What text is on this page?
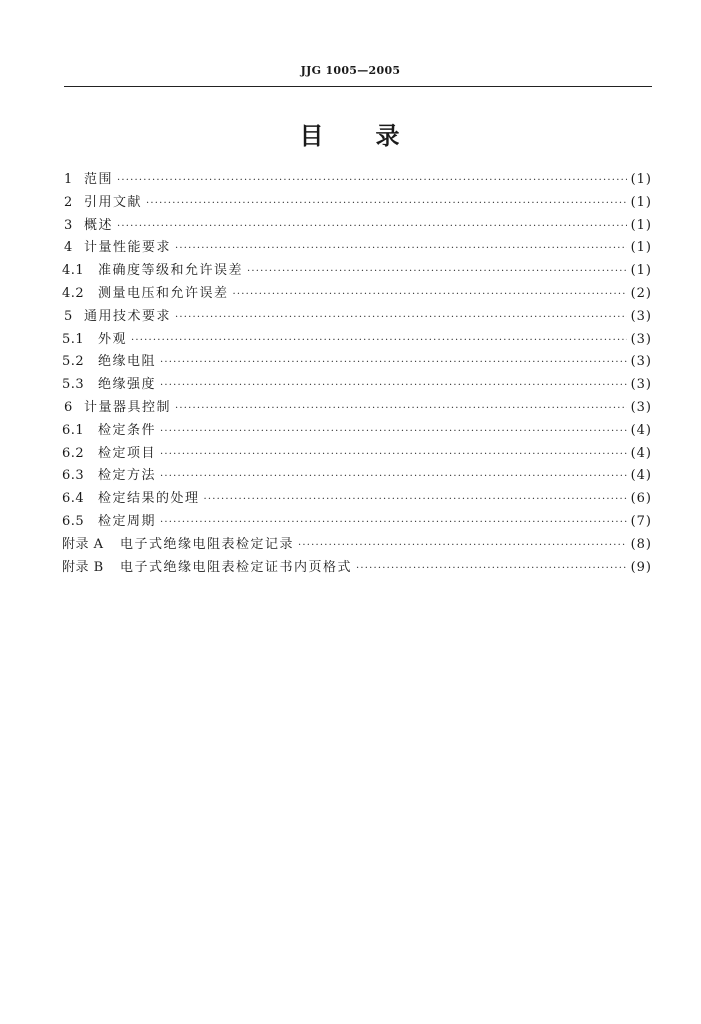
JJG 1005—2005
目 录
1 范围 ·····	(1)
2 引用文献 ·····	(1)
3 概述 ·····	(1)
4 计量性能要求 ·····	(1)
4.1	准确度等级和允许误差 ·····	(1)
4.2	测量电压和允许误差 ·····	(2)
5 通用技术要求 ·····	(3)
5.1	外观 ·····	(3)
5.2	绝缘电阻 ·····	(3)
5.3	绝缘强度 ·····	(3)
6 计量器具控制 ·····	(3)
6.1	检定条件 ·····	(4)
6.2	检定项目 ·····	(4)
6.3	检定方法 ·····	(4)
6.4	检定结果的处理 ·····	(6)
6.5	检定周期 ·····	(7)
附录 A	电子式绝缘电阻表检定记录 ·····	(8)
附录 B	电子式绝缘电阻表检定证书内页格式 ·····	(9)
